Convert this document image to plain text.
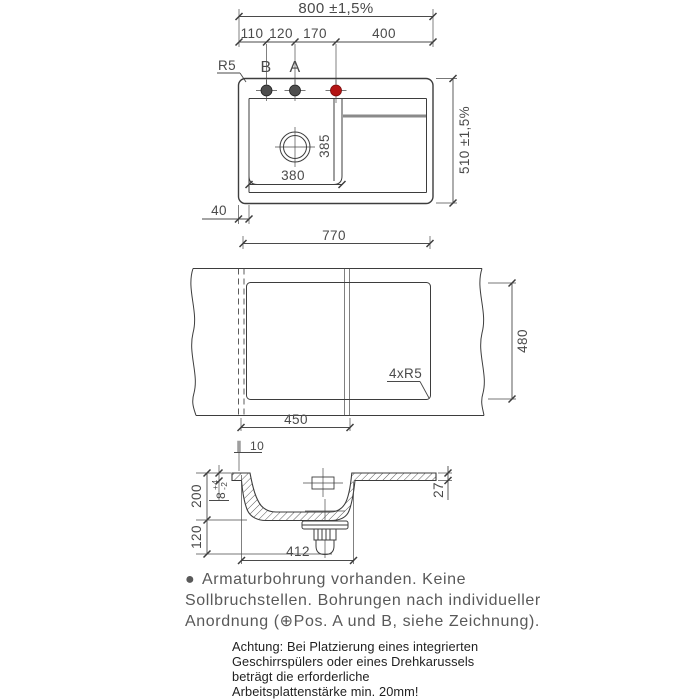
800 ±1,5%
110 120 170	400
R5 B A
385
380
510 ±1,5%
40
770
4xR5
450
480
∥ 10
200 8
+4 -2
120
27
412
● Armaturbohrung vorhanden. Keine
Sollbruchstellen. Bohrungen nach individueller
Anordnung (⊕Pos. A und B, siehe Zeichnung).
Achtung: Bei Platzierung eines integrierten
Geschirrspülers oder eines Drehkarussels
beträgt die erforderliche
Arbeitsplattenstärke min. 20mm!
